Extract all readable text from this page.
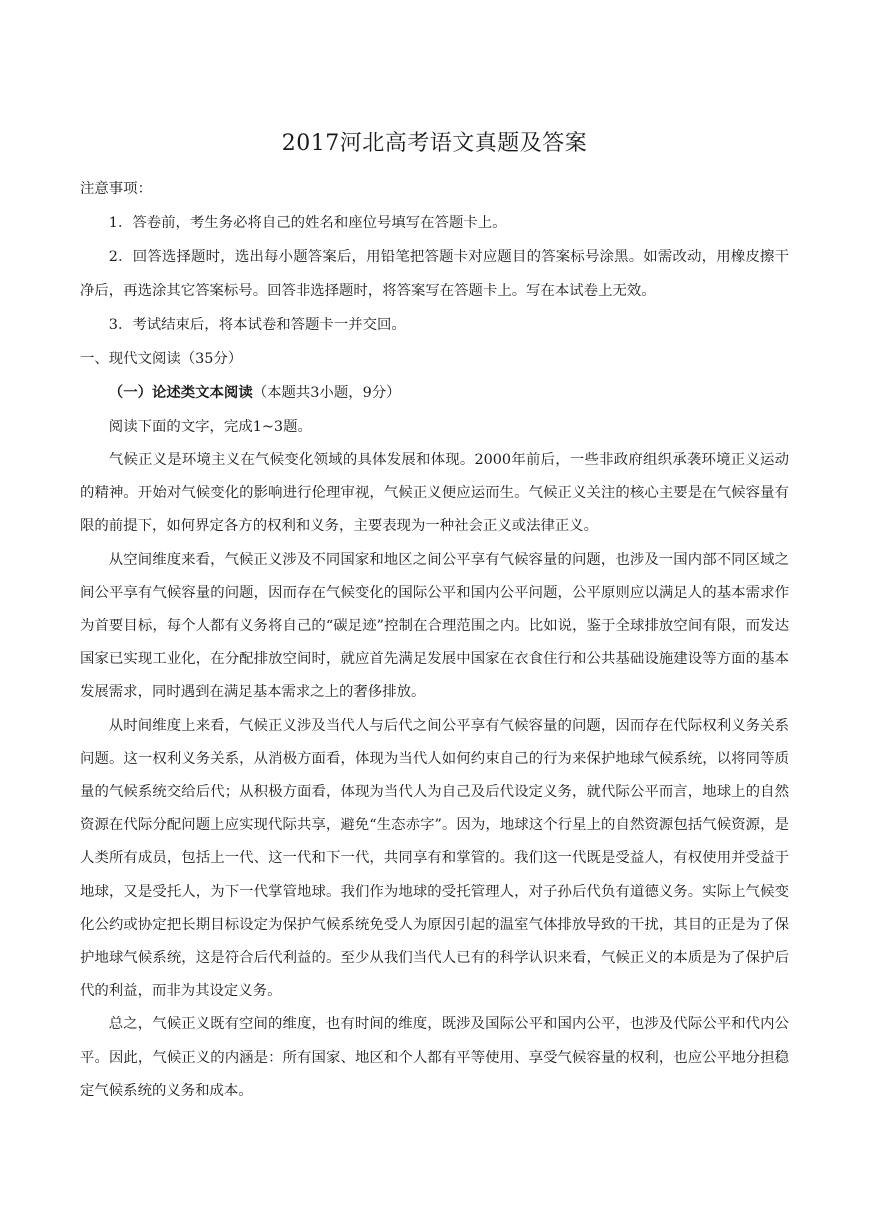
2017河北高考语文真题及答案

注意事项：

1．答卷前，考生务必将自己的姓名和座位号填写在答题卡上。

2．回答选择题时，选出每小题答案后，用铅笔把答题卡对应题目的答案标号涂黑。如需改动，用橡皮擦干净后，再选涂其它答案标号。回答非选择题时，将答案写在答题卡上。写在本试卷上无效。

3．考试结束后，将本试卷和答题卡一并交回。

一、现代文阅读（35分）

（一）论述类文本阅读（本题共3小题，9分）

阅读下面的文字，完成1~3题。

气候正义是环境主义在气候变化领域的具体发展和体现。2000年前后，一些非政府组织承袭环境正义运动的精神。开始对气候变化的影响进行伦理审视，气候正义便应运而生。气候正义关注的核心主要是在气候容量有限的前提下，如何界定各方的权利和义务，主要表现为一种社会正义或法律正义。

从空间维度来看，气候正义涉及不同国家和地区之间公平享有气候容量的问题，也涉及一国内部不同区域之间公平享有气候容量的问题，因而存在气候变化的国际公平和国内公平问题，公平原则应以满足人的基本需求作为首要目标，每个人都有义务将自己的“碳足迹”控制在合理范围之内。比如说，鉴于全球排放空间有限，而发达国家已实现工业化，在分配排放空间时，就应首先满足发展中国家在衣食住行和公共基础设施建设等方面的基本发展需求，同时遇到在满足基本需求之上的奢侈排放。

从时间维度上来看，气候正义涉及当代人与后代之间公平享有气候容量的问题，因而存在代际权利义务关系问题。这一权利义务关系，从消极方面看，体现为当代人如何约束自己的行为来保护地球气候系统，以将同等质量的气候系统交给后代；从积极方面看，体现为当代人为自己及后代设定义务，就代际公平而言，地球上的自然资源在代际分配问题上应实现代际共享，避免“生态赤字”。因为，地球这个行星上的自然资源包括气候资源，是人类所有成员，包括上一代、这一代和下一代，共同享有和掌管的。我们这一代既是受益人，有权使用并受益于地球，又是受托人，为下一代掌管地球。我们作为地球的受托管理人，对子孙后代负有道德义务。实际上气候变化公约或协定把长期目标设定为保护气候系统免受人为原因引起的温室气体排放导致的干扰，其目的正是为了保护地球气候系统，这是符合后代利益的。至少从我们当代人已有的科学认识来看，气候正义的本质是为了保护后代的利益，而非为其设定义务。

总之，气候正义既有空间的维度，也有时间的维度，既涉及国际公平和国内公平，也涉及代际公平和代内公平。因此，气候正义的内涵是：所有国家、地区和个人都有平等使用、享受气候容量的权利，也应公平地分担稳定气候系统的义务和成本。
